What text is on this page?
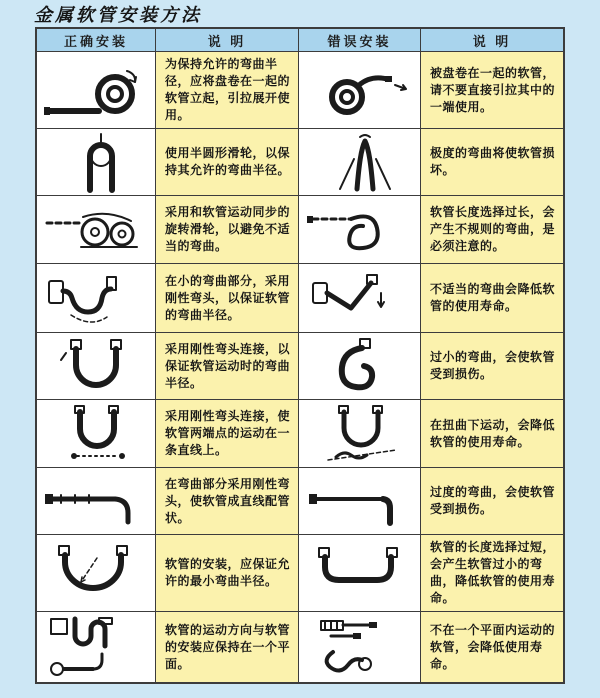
金属软管安装方法
正确安装	说 明	错误安装	说 明

	为保持允许的弯曲半径，应将盘卷在一起的软管立起，引拉展开使用。		被盘卷在一起的软管，请不要直接引拉其中的一端使用。

	使用半圆形滑轮，以保持其允许的弯曲半径。		极度的弯曲将使软管损坏。

	采用和软管运动同步的旋转滑轮，以避免不适当的弯曲。		软管长度选择过长，会产生不规则的弯曲，是必须注意的。

	在小的弯曲部分，采用刚性弯头，以保证软管的弯曲半径。		不适当的弯曲会降低软管的使用寿命。

	采用刚性弯头连接，以保证软管运动时的弯曲半径。		过小的弯曲，会使软管受到损伤。

	采用刚性弯头连接，使软管两端点的运动在一条直线上。		在扭曲下运动，会降低软管的使用寿命。

	在弯曲部分采用刚性弯头，使软管成直线配管状。		过度的弯曲，会使软管受到损伤。

	软管的安装，应保证允许的最小弯曲半径。		软管的长度选择过短，会产生软管过小的弯曲，降低软管的使用寿命。

	软管的运动方向与软管的安装应保持在一个平面。		不在一个平面内运动的软管，会降低使用寿命。
